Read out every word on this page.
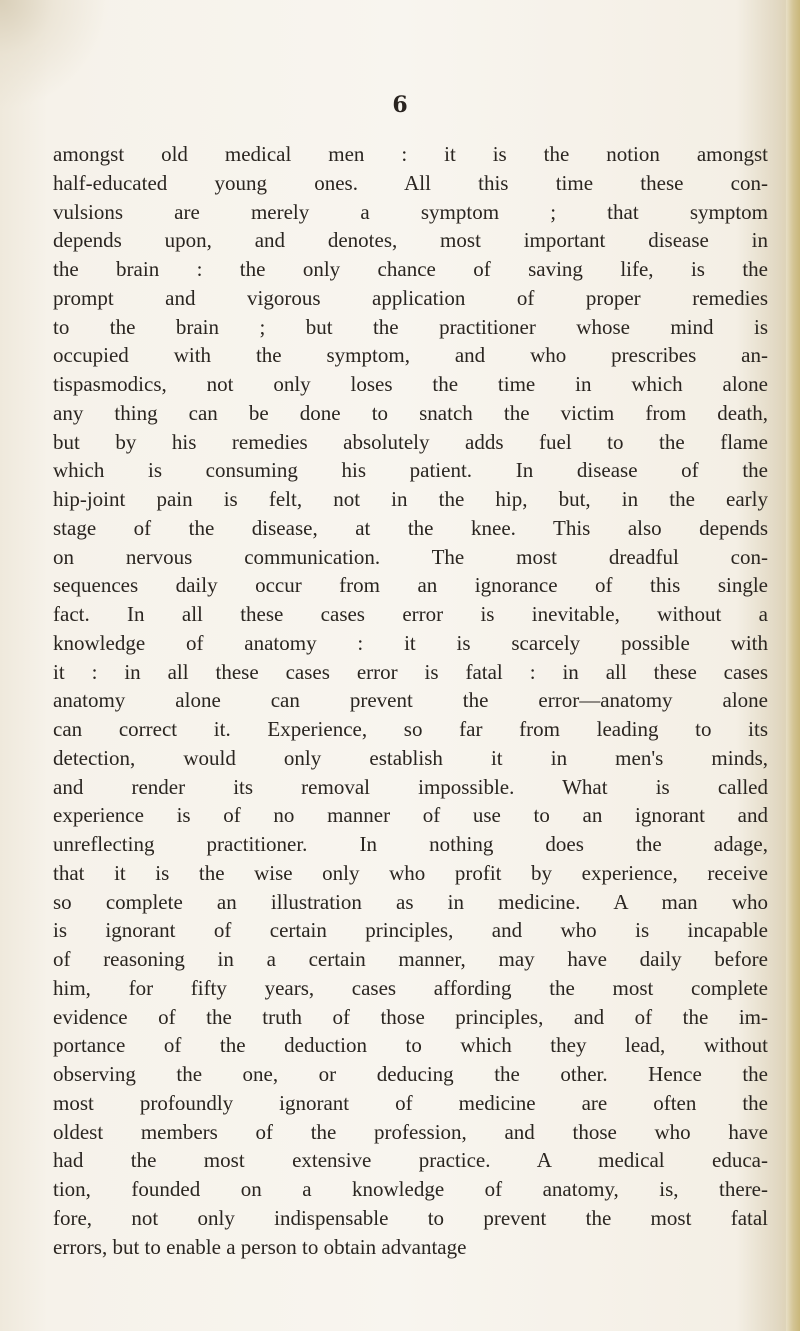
6
amongst old medical men : it is the notion amongst
half-educated young ones. All this time these con-
vulsions are merely a symptom ; that symptom
depends upon, and denotes, most important disease in
the brain : the only chance of saving life, is the
prompt and vigorous application of proper remedies
to the brain ; but the practitioner whose mind is
occupied with the symptom, and who prescribes an-
tispasmodics, not only loses the time in which alone
any thing can be done to snatch the victim from death,
but by his remedies absolutely adds fuel to the flame
which is consuming his patient. In disease of the
hip-joint pain is felt, not in the hip, but, in the early
stage of the disease, at the knee. This also depends
on nervous communication. The most dreadful con-
sequences daily occur from an ignorance of this single
fact. In all these cases error is inevitable, without a
knowledge of anatomy : it is scarcely possible with
it : in all these cases error is fatal : in all these cases
anatomy alone can prevent the error—anatomy alone
can correct it. Experience, so far from leading to its
detection, would only establish it in men's minds,
and render its removal impossible. What is called
experience is of no manner of use to an ignorant and
unreflecting practitioner. In nothing does the adage,
that it is the wise only who profit by experience, receive
so complete an illustration as in medicine. A man who
is ignorant of certain principles, and who is incapable
of reasoning in a certain manner, may have daily before
him, for fifty years, cases affording the most complete
evidence of the truth of those principles, and of the im-
portance of the deduction to which they lead, without
observing the one, or deducing the other. Hence the
most profoundly ignorant of medicine are often the
oldest members of the profession, and those who have
had the most extensive practice. A medical educa-
tion, founded on a knowledge of anatomy, is, there-
fore, not only indispensable to prevent the most fatal
errors, but to enable a person to obtain advantage
